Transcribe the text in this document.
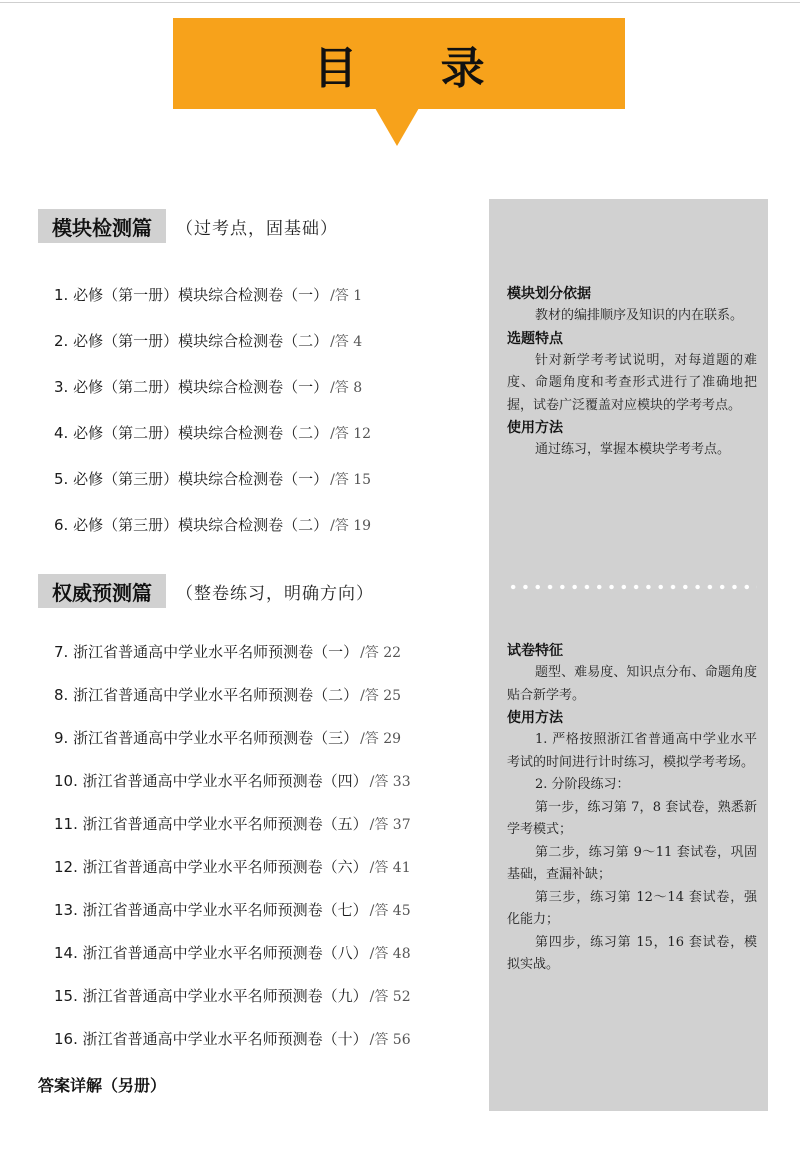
目 录
模块检测篇	（过考点，固基础）
1. 必修（第一册）模块综合检测卷（一） /答 1
2. 必修（第一册）模块综合检测卷（二） /答 4
3. 必修（第二册）模块综合检测卷（一） /答 8
4. 必修（第二册）模块综合检测卷（二） /答 12
5. 必修（第三册）模块综合检测卷（一） /答 15
6. 必修（第三册）模块综合检测卷（二） /答 19
权威预测篇	（整卷练习，明确方向）
7. 浙江省普通高中学业水平名师预测卷（一） /答 22
8. 浙江省普通高中学业水平名师预测卷（二） /答 25
9. 浙江省普通高中学业水平名师预测卷（三） /答 29
10. 浙江省普通高中学业水平名师预测卷（四） /答 33
11. 浙江省普通高中学业水平名师预测卷（五） /答 37
12. 浙江省普通高中学业水平名师预测卷（六） /答 41
13. 浙江省普通高中学业水平名师预测卷（七） /答 45
14. 浙江省普通高中学业水平名师预测卷（八） /答 48
15. 浙江省普通高中学业水平名师预测卷（九） /答 52
16. 浙江省普通高中学业水平名师预测卷（十） /答 56
答案详解（另册）

模块划分依据

教材的编排顺序及知识的内在联系。

选题特点

针对新学考考试说明，对每道题的难度、命题角度和考查形式进行了准确地把握，试卷广泛覆盖对应模块的学考考点。

使用方法

通过练习，掌握本模块学考考点。

试卷特征

题型、难易度、知识点分布、命题角度贴合新学考。

使用方法

1. 严格按照浙江省普通高中学业水平考试的时间进行计时练习，模拟学考考场。

2. 分阶段练习：

第一步，练习第 7，8 套试卷，熟悉新学考模式；

第二步，练习第 9～11 套试卷，巩固基础，查漏补缺；

第三步，练习第 12～14 套试卷，强化能力；

第四步，练习第 15，16 套试卷，模拟实战。
